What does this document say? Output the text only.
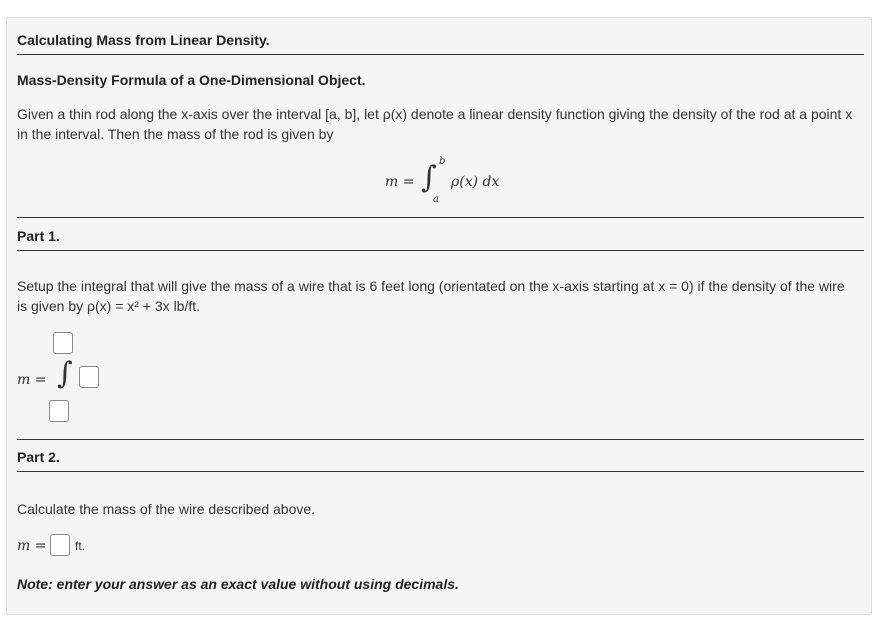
Calculating Mass from Linear Density.
Mass-Density Formula of a One-Dimensional Object.
Given a thin rod along the x-axis over the interval [a, b], let ρ(x) denote a linear density function giving the density of the rod at a point x
in the interval. Then the mass of the rod is given by
m = ∫ b
a
ρ(x) dx
Part 1.
Setup the integral that will give the mass of a wire that is 6 feet long (orientated on the x-axis starting at x = 0) if the density of the wire
is given by ρ(x) = x² + 3x lb/ft.
m = ∫
Part 2.
Calculate the mass of the wire described above.
m = ft.
Note: enter your answer as an exact value without using decimals.
